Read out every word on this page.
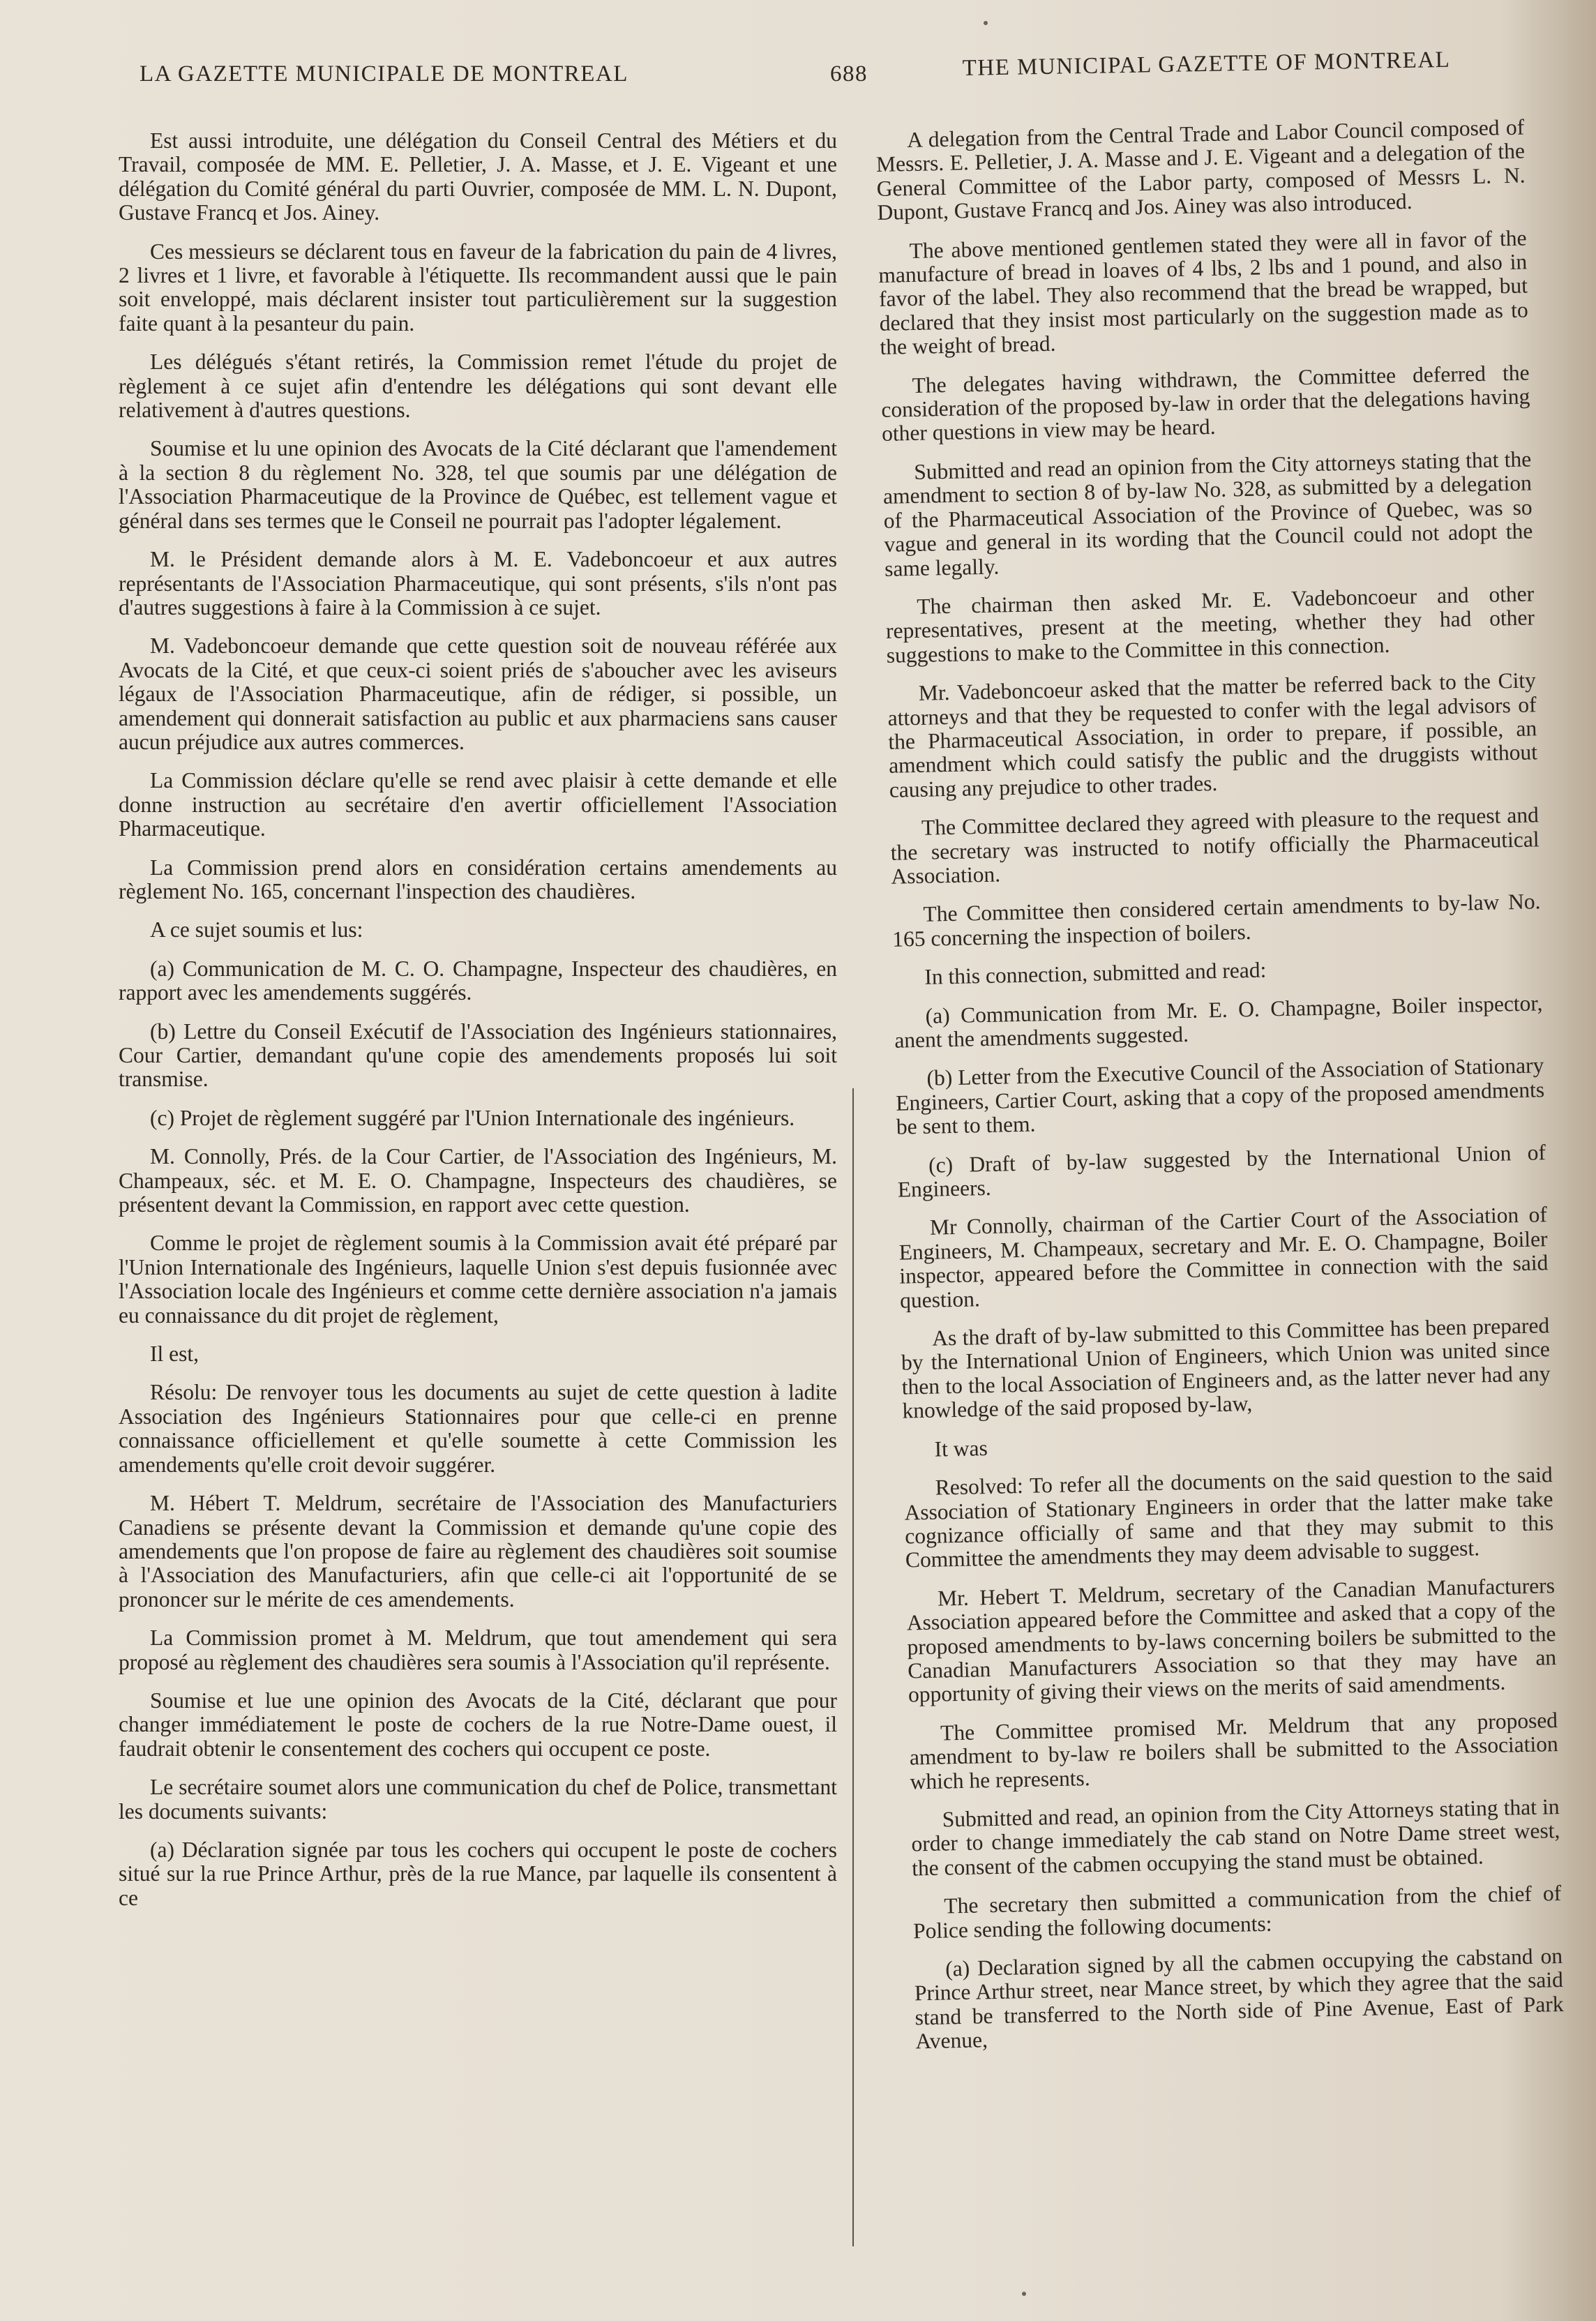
LA GAZETTE MUNICIPALE DE MONTREAL	688	THE MUNICIPAL GAZETTE OF MONTREAL

Est aussi introduite, une délégation du Conseil Central des Métiers et du Travail, composée de MM. E. Pelletier, J. A. Masse, et J. E. Vigeant et une délégation du Comité général du parti Ouvrier, composée de MM. L. N. Dupont, Gustave Francq et Jos. Ainey.

Ces messieurs se déclarent tous en faveur de la fabrication du pain de 4 livres, 2 livres et 1 livre, et favorable à l'étiquette. Ils recommandent aussi que le pain soit enveloppé, mais déclarent insister tout particulièrement sur la suggestion faite quant à la pesanteur du pain.

Les délégués s'étant retirés, la Commission remet l'étude du projet de règlement à ce sujet afin d'entendre les délégations qui sont devant elle relativement à d'autres questions.

Soumise et lu une opinion des Avocats de la Cité déclarant que l'amendement à la section 8 du règlement No. 328, tel que soumis par une délégation de l'Association Pharmaceutique de la Province de Québec, est tellement vague et général dans ses termes que le Conseil ne pourrait pas l'adopter légalement.

M. le Président demande alors à M. E. Vadeboncoeur et aux autres représentants de l'Association Pharmaceutique, qui sont présents, s'ils n'ont pas d'autres suggestions à faire à la Commission à ce sujet.

M. Vadeboncoeur demande que cette question soit de nouveau référée aux Avocats de la Cité, et que ceux-ci soient priés de s'aboucher avec les aviseurs légaux de l'Association Pharmaceutique, afin de rédiger, si possible, un amendement qui donnerait satisfaction au public et aux pharmaciens sans causer aucun préjudice aux autres commerces.

La Commission déclare qu'elle se rend avec plaisir à cette demande et elle donne instruction au secrétaire d'en avertir officiellement l'Association Pharmaceutique.

La Commission prend alors en considération certains amendements au règlement No. 165, concernant l'inspection des chaudières.

A ce sujet soumis et lus:

(a) Communication de M. C. O. Champagne, Inspecteur des chaudières, en rapport avec les amendements suggérés.

(b) Lettre du Conseil Exécutif de l'Association des Ingénieurs stationnaires, Cour Cartier, demandant qu'une copie des amendements proposés lui soit transmise.

(c) Projet de règlement suggéré par l'Union Internationale des ingénieurs.

M. Connolly, Prés. de la Cour Cartier, de l'Association des Ingénieurs, M. Champeaux, séc. et M. E. O. Champagne, Inspecteurs des chaudières, se présentent devant la Commission, en rapport avec cette question.

Comme le projet de règlement soumis à la Commission avait été préparé par l'Union Internationale des Ingénieurs, laquelle Union s'est depuis fusionnée avec l'Association locale des Ingénieurs et comme cette dernière association n'a jamais eu connaissance du dit projet de règlement,

Il est,

Résolu: De renvoyer tous les documents au sujet de cette question à ladite Association des Ingénieurs Stationnaires pour que celle-ci en prenne connaissance officiellement et qu'elle soumette à cette Commission les amendements qu'elle croit devoir suggérer.

M. Hébert T. Meldrum, secrétaire de l'Association des Manufacturiers Canadiens se présente devant la Commission et demande qu'une copie des amendements que l'on propose de faire au règlement des chaudières soit soumise à l'Association des Manufacturiers, afin que celle-ci ait l'opportunité de se prononcer sur le mérite de ces amendements.

La Commission promet à M. Meldrum, que tout amendement qui sera proposé au règlement des chaudières sera soumis à l'Association qu'il représente.

Soumise et lue une opinion des Avocats de la Cité, déclarant que pour changer immédiatement le poste de cochers de la rue Notre-Dame ouest, il faudrait obtenir le consentement des cochers qui occupent ce poste.

Le secrétaire soumet alors une communication du chef de Police, transmettant les documents suivants:

(a) Déclaration signée par tous les cochers qui occupent le poste de cochers situé sur la rue Prince Arthur, près de la rue Mance, par laquelle ils consentent à ce

A delegation from the Central Trade and Labor Council composed of Messrs. E. Pelletier, J. A. Masse and J. E. Vigeant and a delegation of the General Committee of the Labor party, composed of Messrs L. N. Dupont, Gustave Francq and Jos. Ainey was also introduced.

The above mentioned gentlemen stated they were all in favor of the manufacture of bread in loaves of 4 lbs, 2 lbs and 1 pound, and also in favor of the label. They also recommend that the bread be wrapped, but declared that they insist most particularly on the suggestion made as to the weight of bread.

The delegates having withdrawn, the Committee deferred the consideration of the proposed by-law in order that the delegations having other questions in view may be heard.

Submitted and read an opinion from the City attorneys stating that the amendment to section 8 of by-law No. 328, as submitted by a delegation of the Pharmaceutical Association of the Province of Quebec, was so vague and general in its wording that the Council could not adopt the same legally.

The chairman then asked Mr. E. Vadeboncoeur and other representatives, present at the meeting, whether they had other suggestions to make to the Committee in this connection.

Mr. Vadeboncoeur asked that the matter be referred back to the City attorneys and that they be requested to confer with the legal advisors of the Pharmaceutical Association, in order to prepare, if possible, an amendment which could satisfy the public and the druggists without causing any prejudice to other trades.

The Committee declared they agreed with pleasure to the request and the secretary was instructed to notify officially the Pharmaceutical Association.

The Committee then considered certain amendments to by-law No. 165 concerning the inspection of boilers.

In this connection, submitted and read:

(a) Communication from Mr. E. O. Champagne, Boiler inspector, anent the amendments suggested.

(b) Letter from the Executive Council of the Association of Stationary Engineers, Cartier Court, asking that a copy of the proposed amendments be sent to them.

(c) Draft of by-law suggested by the International Union of Engineers.

Mr Connolly, chairman of the Cartier Court of the Association of Engineers, M. Champeaux, secretary and Mr. E. O. Champagne, Boiler inspector, appeared before the Committee in connection with the said question.

As the draft of by-law submitted to this Committee has been prepared by the International Union of Engineers, which Union was united since then to the local Association of Engineers and, as the latter never had any knowledge of the said proposed by-law,

It was

Resolved: To refer all the documents on the said question to the said Association of Stationary Engineers in order that the latter make take cognizance officially of same and that they may submit to this Committee the amendments they may deem advisable to suggest.

Mr. Hebert T. Meldrum, secretary of the Canadian Manufacturers Association appeared before the Committee and asked that a copy of the proposed amendments to by-laws concerning boilers be submitted to the Canadian Manufacturers Association so that they may have an opportunity of giving their views on the merits of said amendments.

The Committee promised Mr. Meldrum that any proposed amendment to by-law re boilers shall be submitted to the Association which he represents.

Submitted and read, an opinion from the City Attorneys stating that in order to change immediately the cab stand on Notre Dame street west, the consent of the cabmen occupying the stand must be obtained.

The secretary then submitted a communication from the chief of Police sending the following documents:

(a) Declaration signed by all the cabmen occupying the cabstand on Prince Arthur street, near Mance street, by which they agree that the said stand be transferred to the North side of Pine Avenue, East of Park Avenue,
